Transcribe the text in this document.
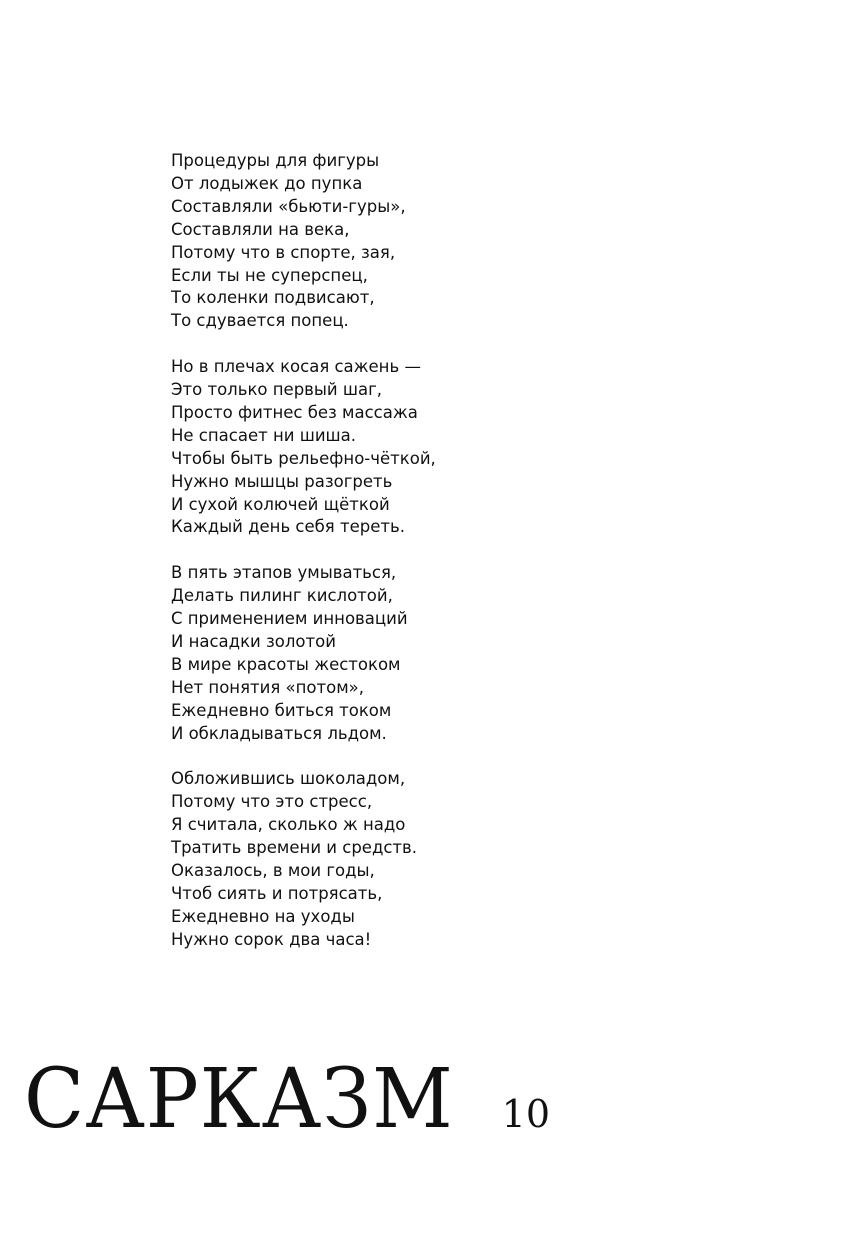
Процедуры для фигуры
От лодыжек до пупка
Составляли «бьюти-гуры»,
Составляли на века,
Потому что в спорте, зая,
Если ты не суперспец,
То коленки подвисают,
То сдувается попец.
Но в плечах косая сажень —
Это только первый шаг,
Просто фитнес без массажа
Не спасает ни шиша.
Чтобы быть рельефно-чёткой,
Нужно мышцы разогреть
И сухой колючей щёткой
Каждый день себя тереть.
В пять этапов умываться,
Делать пилинг кислотой,
С применением инноваций
И насадки золотой
В мире красоты жестоком
Нет понятия «потом»,
Ежедневно биться током
И обкладываться льдом.
Обложившись шоколадом,
Потому что это стресс,
Я считала, сколько ж надо
Тратить времени и средств.
Оказалось, в мои годы,
Чтоб сиять и потрясать,
Ежедневно на уходы
Нужно сорок два часа!
САРКАЗМ 10
